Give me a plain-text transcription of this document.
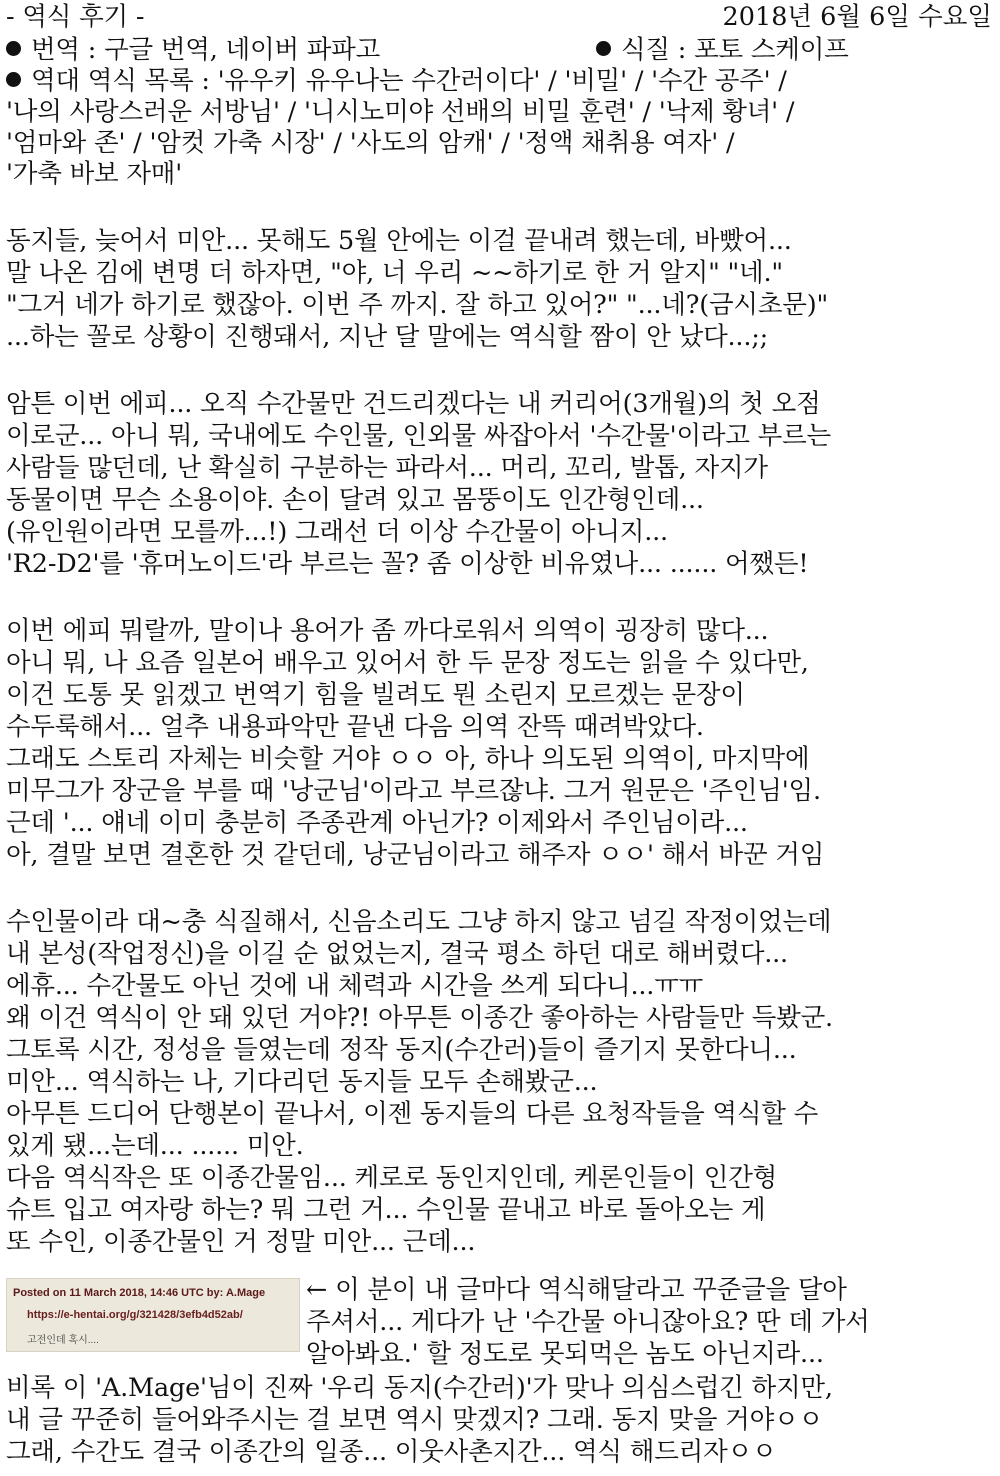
- 역식 후기 -	2018년 6월 6일 수요일
번역 : 구글 번역, 네이버 파파고	식질 : 포토 스케이프
역대 역식 목록 : '유우키 유우나는 수간러이다' / '비밀' / '수간 공주' /
'나의 사랑스러운 서방님' / '니시노미야 선배의 비밀 훈련' / '낙제 황녀' /
'엄마와 존' / '암컷 가축 시장' / '사도의 암캐' / '정액 채취용 여자' /
'가축 바보 자매'
동지들, 늦어서 미안... 못해도 5월 안에는 이걸 끝내려 했는데, 바빴어...
말 나온 김에 변명 더 하자면, "야, 너 우리 ~~하기로 한 거 알지" "네."
"그거 네가 하기로 했잖아. 이번 주 까지. 잘 하고 있어?" "...네?(금시초문)"
...하는 꼴로 상황이 진행돼서, 지난 달 말에는 역식할 짬이 안 났다...;;
암튼 이번 에피... 오직 수간물만 건드리겠다는 내 커리어(3개월)의 첫 오점
이로군... 아니 뭐, 국내에도 수인물, 인외물 싸잡아서 '수간물'이라고 부르는
사람들 많던데, 난 확실히 구분하는 파라서... 머리, 꼬리, 발톱, 자지가
동물이면 무슨 소용이야. 손이 달려 있고 몸뚱이도 인간형인데...
(유인원이라면 모를까...!) 그래선 더 이상 수간물이 아니지...
'R2-D2'를 '휴머노이드'라 부르는 꼴? 좀 이상한 비유였나... ...... 어쨌든!
이번 에피 뭐랄까, 말이나 용어가 좀 까다로워서 의역이 굉장히 많다...
아니 뭐, 나 요즘 일본어 배우고 있어서 한 두 문장 정도는 읽을 수 있다만,
이건 도통 못 읽겠고 번역기 힘을 빌려도 뭔 소린지 모르겠는 문장이
수두룩해서... 얼추 내용파악만 끝낸 다음 의역 잔뜩 때려박았다.
그래도 스토리 자체는 비슷할 거야 ㅇㅇ 아, 하나 의도된 의역이, 마지막에
미무그가 장군을 부를 때 '낭군님'이라고 부르잖냐. 그거 원문은 '주인님'임.
근데 '... 얘네 이미 충분히 주종관계 아닌가? 이제와서 주인님이라...
아, 결말 보면 결혼한 것 같던데, 낭군님이라고 해주자 ㅇㅇ' 해서 바꾼 거임
수인물이라 대~충 식질해서, 신음소리도 그냥 하지 않고 넘길 작정이었는데
내 본성(작업정신)을 이길 순 없었는지, 결국 평소 하던 대로 해버렸다...
에휴... 수간물도 아닌 것에 내 체력과 시간을 쓰게 되다니...ㅠㅠ
왜 이건 역식이 안 돼 있던 거야?! 아무튼 이종간 좋아하는 사람들만 득봤군.
그토록 시간, 정성을 들였는데 정작 동지(수간러)들이 즐기지 못한다니...
미안... 역식하는 나, 기다리던 동지들 모두 손해봤군...
아무튼 드디어 단행본이 끝나서, 이젠 동지들의 다른 요청작들을 역식할 수
있게 됐...는데... ...... 미안.
다음 역식작은 또 이종간물임... 케로로 동인지인데, 케론인들이 인간형
슈트 입고 여자랑 하는? 뭐 그런 거... 수인물 끝내고 바로 돌아오는 게
또 수인, 이종간물인 거 정말 미안... 근데...
Posted on 11 March 2018, 14:46 UTC by: A.Mage
https://e-hentai.org/g/321428/3efb4d52ab/
고전인데 혹시....
← 이 분이 내 글마다 역식해달라고 꾸준글을 달아
주셔서... 게다가 난 '수간물 아니잖아요? 딴 데 가서
알아봐요.' 할 정도로 못되먹은 놈도 아닌지라...
비록 이 'A.Mage'님이 진짜 '우리 동지(수간러)'가 맞나 의심스럽긴 하지만,
내 글 꾸준히 들어와주시는 걸 보면 역시 맞겠지? 그래. 동지 맞을 거야ㅇㅇ
그래, 수간도 결국 이종간의 일종... 이웃사촌지간... 역식 해드리자ㅇㅇ
